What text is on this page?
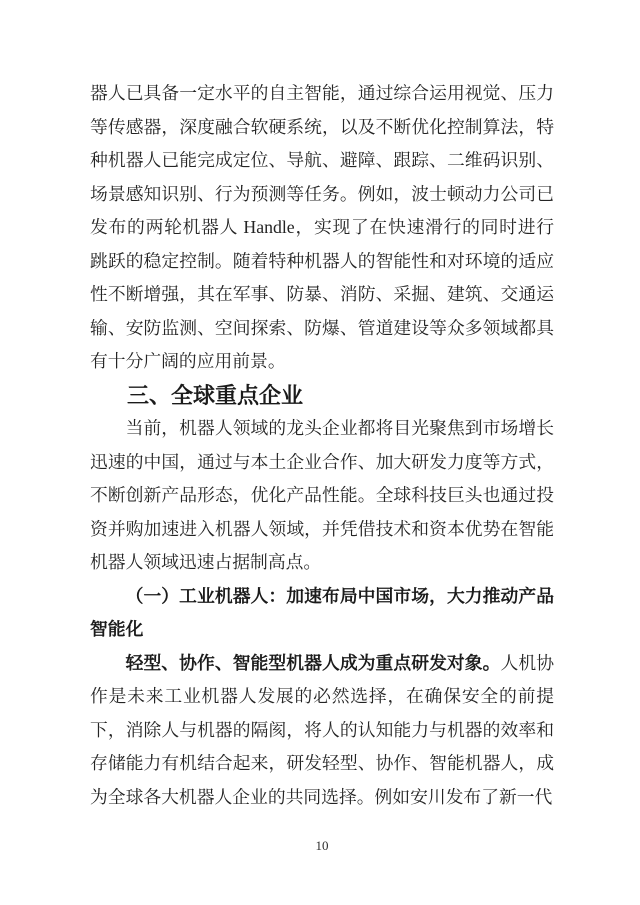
器人已具备一定水平的自主智能，通过综合运用视觉、压力等传感器，深度融合软硬系统，以及不断优化控制算法，特种机器人已能完成定位、导航、避障、跟踪、二维码识别、场景感知识别、行为预测等任务。例如，波士顿动力公司已发布的两轮机器人 Handle，实现了在快速滑行的同时进行跳跃的稳定控制。随着特种机器人的智能性和对环境的适应性不断增强，其在军事、防暴、消防、采掘、建筑、交通运输、安防监测、空间探索、防爆、管道建设等众多领域都具有十分广阔的应用前景。

三、全球重点企业

当前，机器人领域的龙头企业都将目光聚焦到市场增长迅速的中国，通过与本土企业合作、加大研发力度等方式，不断创新产品形态，优化产品性能。全球科技巨头也通过投资并购加速进入机器人领域，并凭借技术和资本优势在智能机器人领域迅速占据制高点。

（一）工业机器人：加速布局中国市场，大力推动产品智能化

轻型、协作、智能型机器人成为重点研发对象。人机协作是未来工业机器人发展的必然选择，在确保安全的前提下，消除人与机器的隔阂，将人的认知能力与机器的效率和存储能力有机结合起来，研发轻型、协作、智能机器人，成为全球各大机器人企业的共同选择。例如安川发布了新一代

10
